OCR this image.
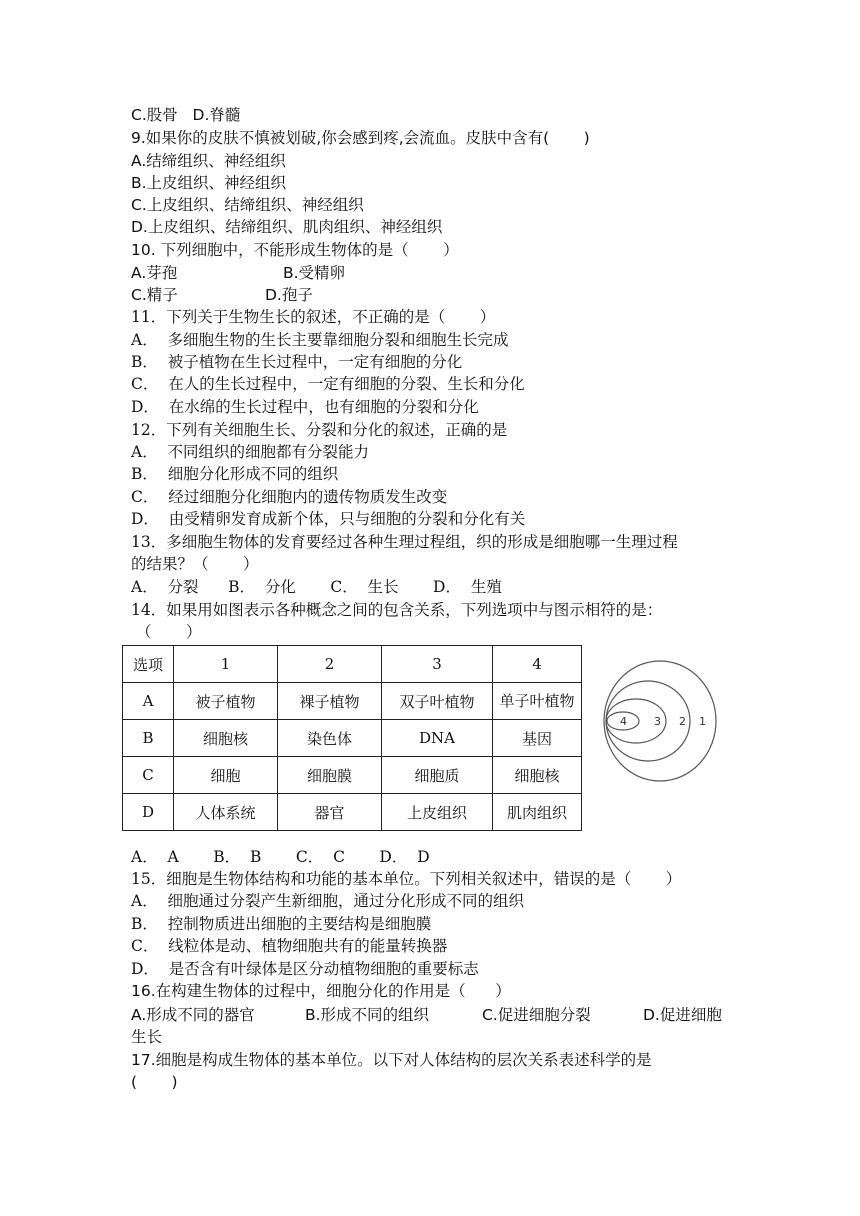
C.股骨   D.脊髓
9.如果你的皮肤不慎被划破,你会感到疼,会流血。皮肤中含有(       )
A.结缔组织、神经组织
B.上皮组织、神经组织
C.上皮组织、结缔组织、神经组织
D.上皮组织、结缔组织、肌肉组织、神经组织
10. 下列细胞中，不能形成生物体的是（       ）
A.芽孢	B.受精卵
C.精子	D.孢子
11．下列关于生物生长的叙述，不正确的是（       ）
A．  多细胞生物的生长主要靠细胞分裂和细胞生长完成
B．  被子植物在生长过程中，一定有细胞的分化
C．  在人的生长过程中，一定有细胞的分裂、生长和分化
D．  在水绵的生长过程中，也有细胞的分裂和分化
12．下列有关细胞生长、分裂和分化的叙述，正确的是
A．  不同组织的细胞都有分裂能力
B．  细胞分化形成不同的组织
C．  经过细胞分化细胞内的遗传物质发生改变
D．  由受精卵发育成新个体，只与细胞的分裂和分化有关
13．多细胞生物体的发育要经过各种生理过程组，织的形成是细胞哪一生理过程
的结果？（       ）
A．  分裂      B．  分化       C．  生长       D．  生殖
14．如果用如图表示各种概念之间的包含关系，下列选项中与图示相符的是：
（       ）
选项	1	2	3	4
A	被子植物	裸子植物	双子叶植物	单子叶植物

B	细胞核	染色体	DNA	基因
C	细胞	细胞膜	细胞质	细胞核
D	人体系统	器官	上皮组织	肌肉组织
4 3 2 1
A．  A       B．  B       C．  C       D．  D
15．细胞是生物体结构和功能的基本单位。下列相关叙述中，错误的是（       ）
A．  细胞通过分裂产生新细胞，通过分化形成不同的组织
B．  控制物质进出细胞的主要结构是细胞膜
C．  线粒体是动、植物细胞共有的能量转换器
D．  是否含有叶绿体是区分动植物细胞的重要标志
16.在构建生物体的过程中，细胞分化的作用是（      ）
A.形成不同的器官	B.形成不同的组织	C.促进细胞分裂	D.促进细胞
生长
17.细胞是构成生物体的基本单位。以下对人体结构的层次关系表述科学的是
(       )
